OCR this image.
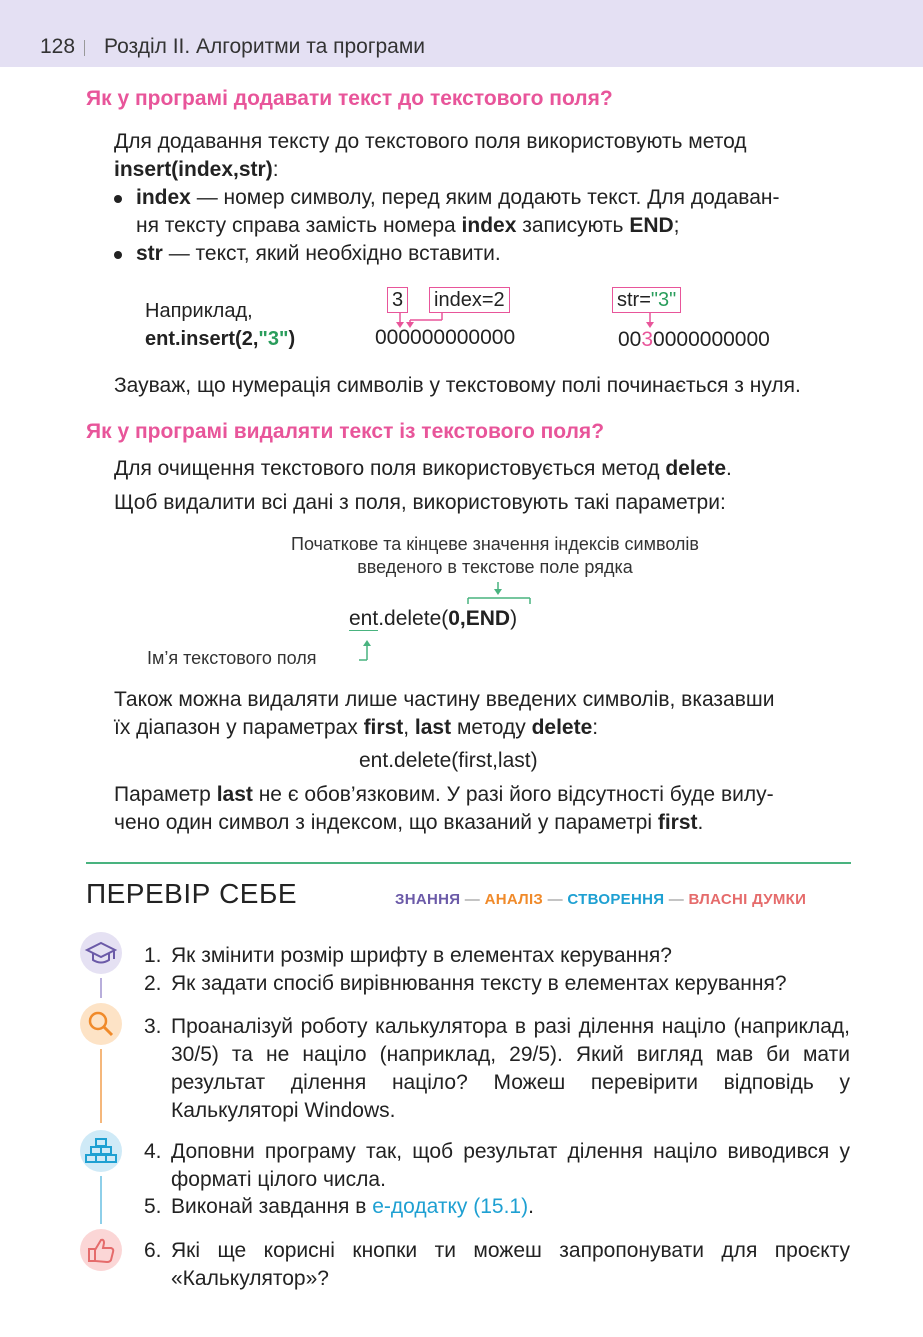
128 Розділ ІІ. Алгоритми та програми
Як у програмі додавати текст до текстового поля?
Для додавання тексту до текстового поля використовують метод
insert(index,str):
index — номер символу, перед яким додають текст. Для додаван-
ня тексту справа замість номера index записують END;
str — текст, який необхідно вставити.
Наприклад,
ent.insert(2,"3")
3 index=2
000000000000
str="3"
0030000000000
Зауваж, що нумерація символів у текстовому полі починається з нуля.
Як у програмі видаляти текст із текстового поля?
Для очищення текстового поля використовується метод delete.
Щоб видалити всі дані з поля, використовують такі параметри:
Початкове та кінцеве значення індексів символів
введеного в текстове поле рядка
ent.delete(0,END)
Ім’я текстового поля
Також можна видаляти лише частину введених символів, вказавши
їх діапазон у параметрах first, last методу delete:
ent.delete(first,last)
Параметр last не є обов’язковим. У разі його відсутності буде вилу-
чено один символ з індексом, що вказаний у параметрі first.
ПЕРЕВІР СЕБЕ	ЗНАННЯ — АНАЛІЗ — СТВОРЕННЯ — ВЛАСНІ ДУМКИ
1. Як змінити розмір шрифту в елементах керування?
2. Як задати спосіб вирівнювання тексту в елементах керування?
3. Проаналізуй роботу калькулятора в разі ділення націло (наприклад, 30/5) та не націло (наприклад, 29/5). Який вигляд мав би мати результат ділення націло? Можеш перевірити відповідь у Калькуляторі Windows.
4. Доповни програму так, щоб результат ділення націло виводився у форматі цілого числа.
5. Виконай завдання в е-додатку (15.1).
6. Які ще корисні кнопки ти можеш запропонувати для проєкту «Калькулятор»?
